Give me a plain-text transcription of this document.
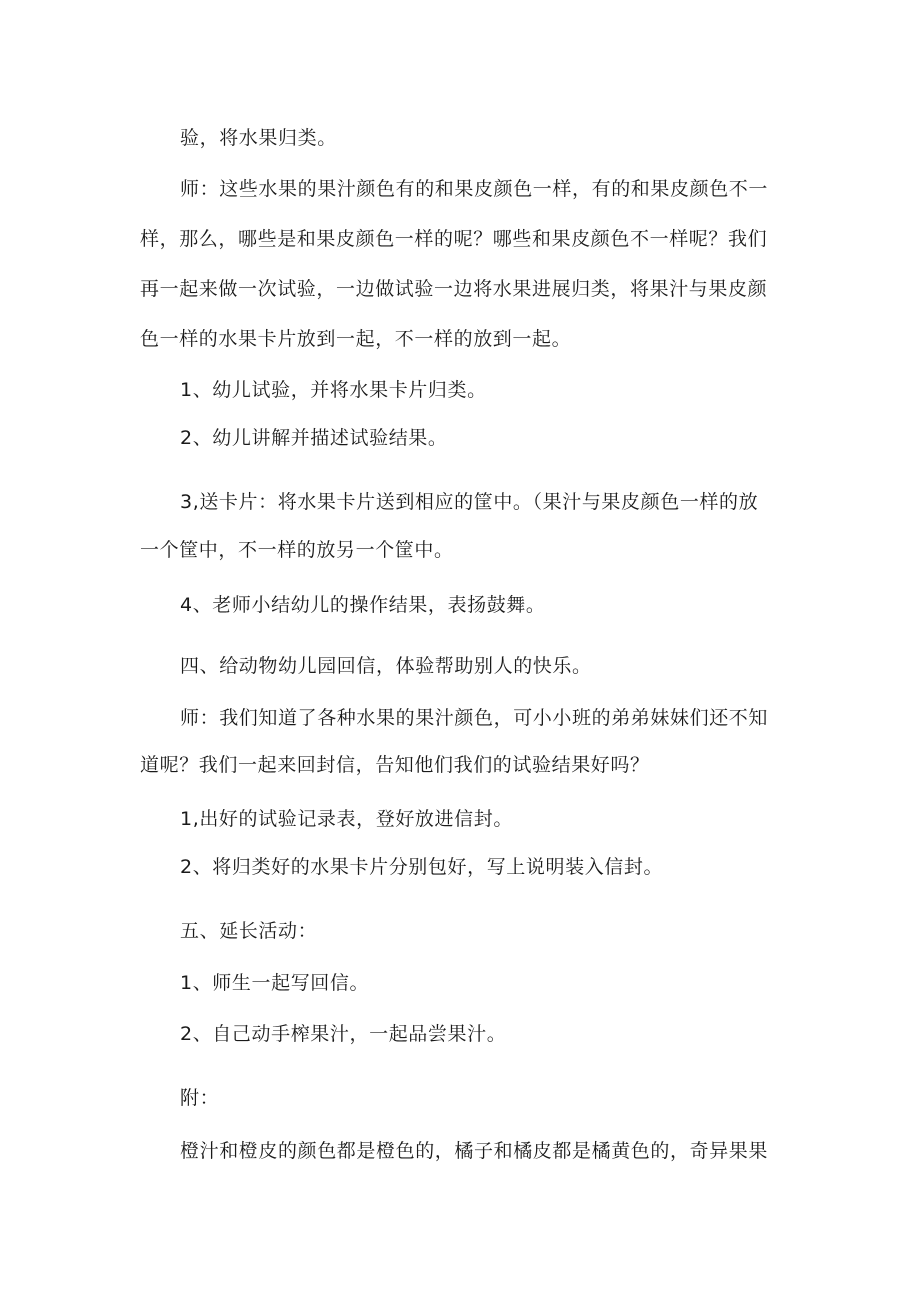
验，将水果归类。
师：这些水果的果汁颜色有的和果皮颜色一样，有的和果皮颜色不一
样，那么，哪些是和果皮颜色一样的呢？哪些和果皮颜色不一样呢？我们
再一起来做一次试验，一边做试验一边将水果进展归类，将果汁与果皮颜
色一样的水果卡片放到一起，不一样的放到一起。
1、幼儿试验，并将水果卡片归类。
2、幼儿讲解并描述试验结果。
3,送卡片：将水果卡片送到相应的筐中。（果汁与果皮颜色一样的放
一个筐中，不一样的放另一个筐中。
4、老师小结幼儿的操作结果，表扬鼓舞。
四、给动物幼儿园回信，体验帮助别人的快乐。
师：我们知道了各种水果的果汁颜色，可小小班的弟弟妹妹们还不知
道呢？我们一起来回封信，告知他们我们的试验结果好吗？
1,出好的试验记录表，登好放进信封。
2、将归类好的水果卡片分别包好，写上说明装入信封。
五、延长活动：
1、师生一起写回信。
2、自己动手榨果汁，一起品尝果汁。
附：
橙汁和橙皮的颜色都是橙色的，橘子和橘皮都是橘黄色的，奇异果果
